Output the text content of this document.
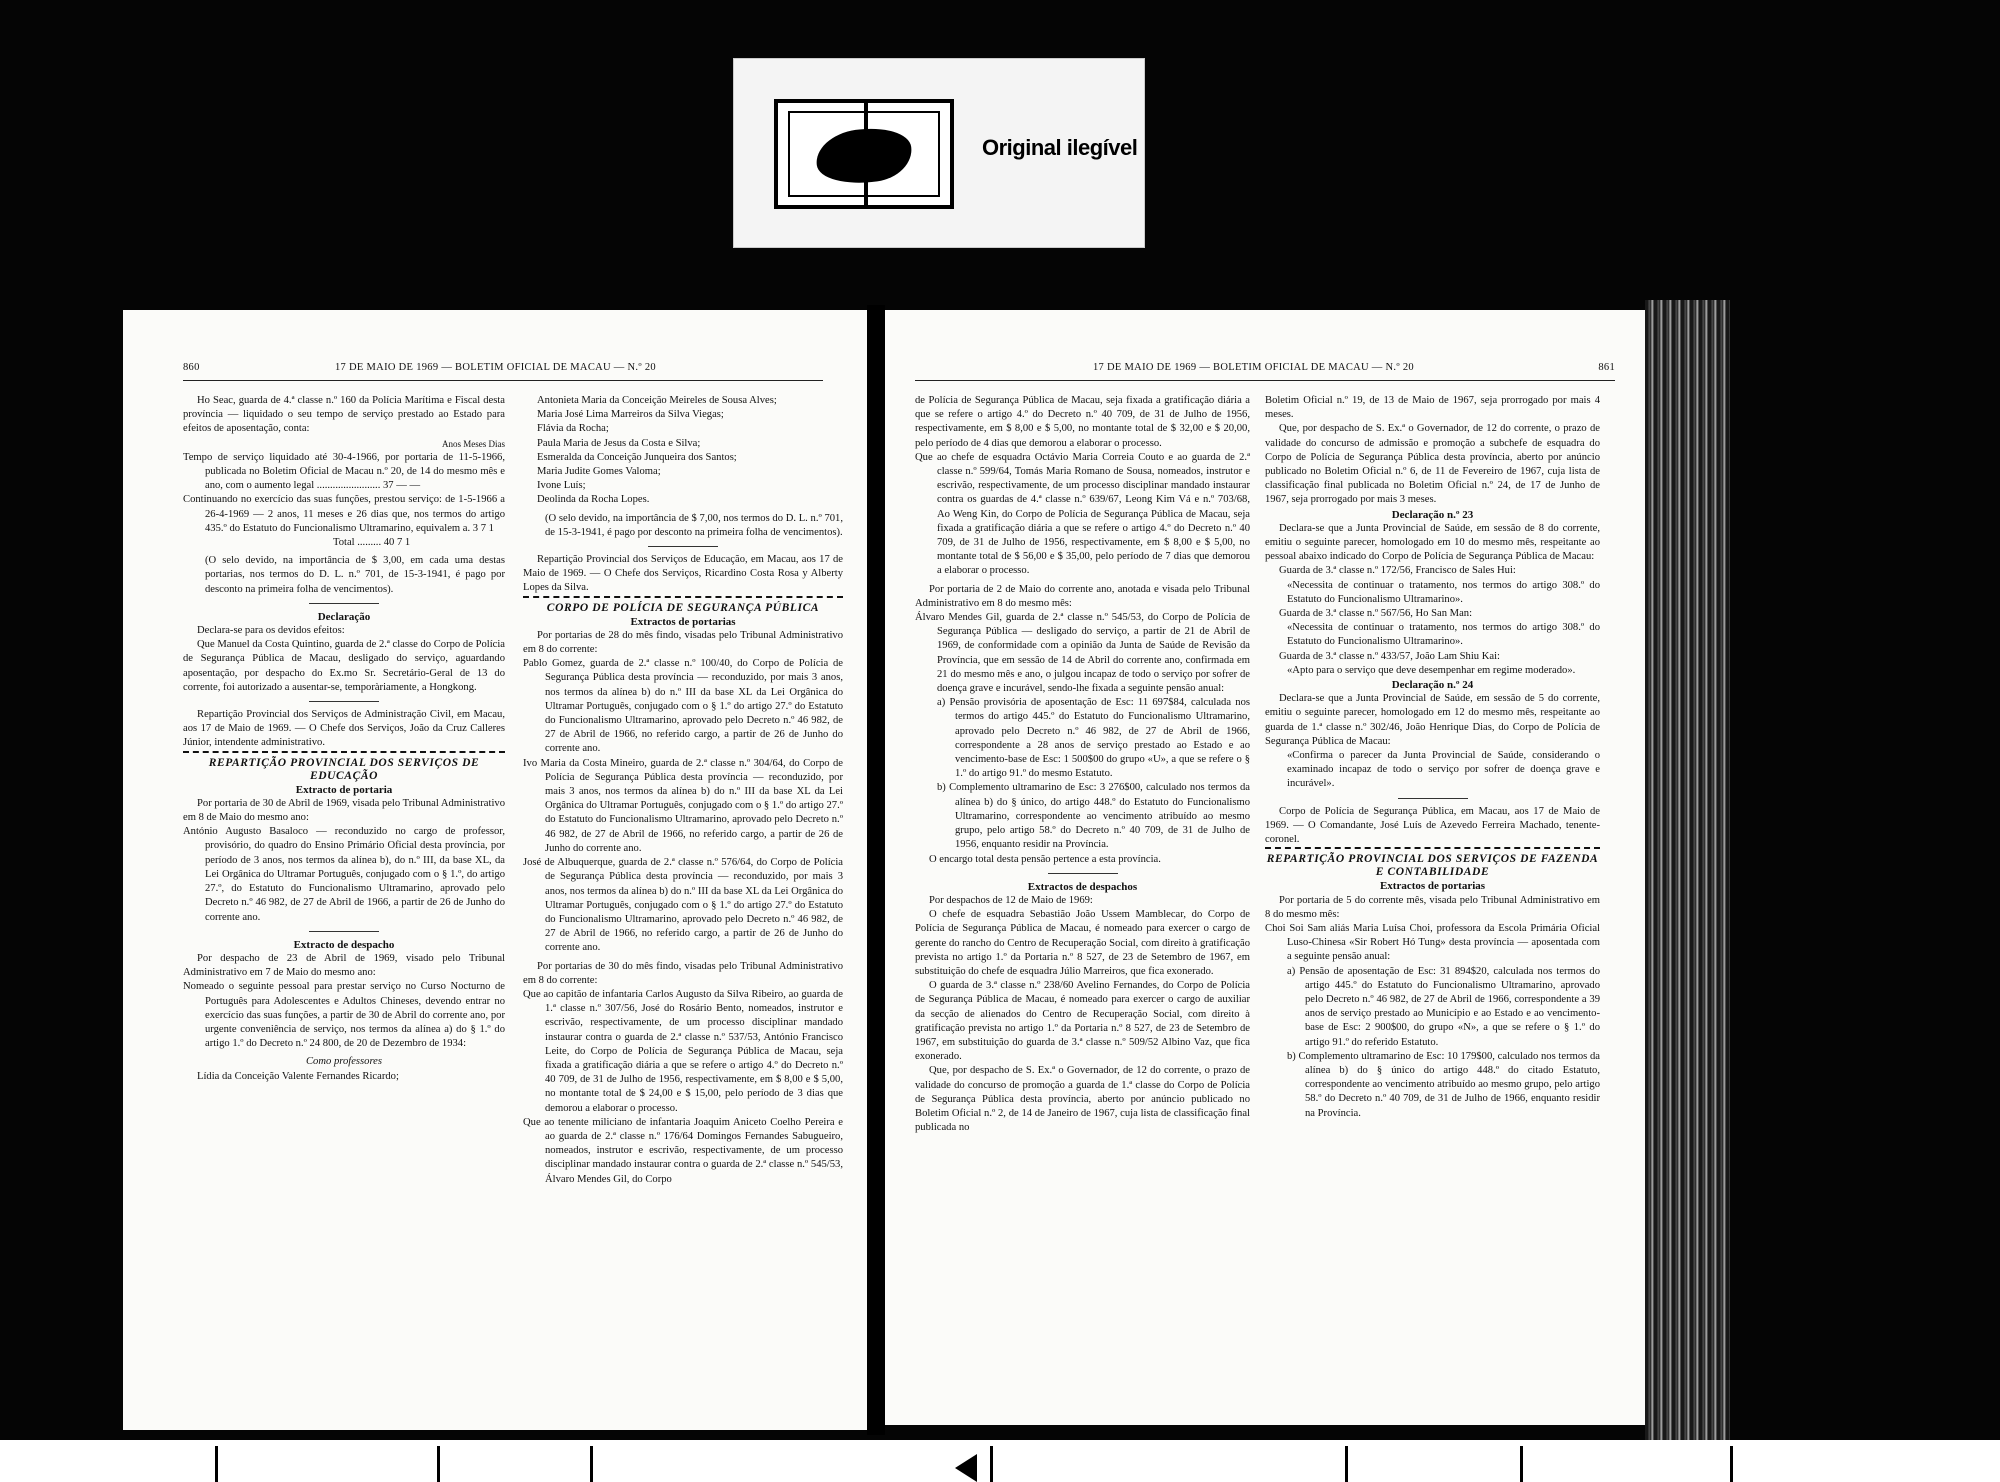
Original ilegível
860	17 DE MAIO DE 1969 — BOLETIM OFICIAL DE MACAU — N.º 20

Ho Seac, guarda de 4.ª classe n.º 160 da Polícia Marítima e Fiscal desta província — liquidado o seu tempo de serviço prestado ao Estado para efeitos de aposentação, conta:

Anos Meses Dias

Tempo de serviço liquidado até 30-4-1966, por portaria de 11-5-1966, publicada no Boletim Oficial de Macau n.º 20, de 14 do mesmo mês e ano, com o aumento legal ........................ 37 — —

Continuando no exercício das suas funções, prestou serviço: de 1-5-1966 a 26-4-1969 — 2 anos, 11 meses e 26 dias que, nos termos do artigo 435.º do Estatuto do Funcionalismo Ultramarino, equivalem a. 3 7 1

Total ......... 40 7 1

(O selo devido, na importância de $ 3,00, em cada uma destas portarias, nos termos do D. L. n.º 701, de 15-3-1941, é pago por desconto na primeira folha de vencimentos).

Declaração

Declara-se para os devidos efeitos:

Que Manuel da Costa Quintino, guarda de 2.ª classe do Corpo de Polícia de Segurança Pública de Macau, desligado do serviço, aguardando aposentação, por despacho do Ex.mo Sr. Secretário-Geral de 13 do corrente, foi autorizado a ausentar-se, temporàriamente, a Hongkong.

Repartição Provincial dos Serviços de Administração Civil, em Macau, aos 17 de Maio de 1969. — O Chefe dos Serviços, João da Cruz Calleres Júnior, intendente administrativo.

REPARTIÇÃO PROVINCIAL DOS SERVIÇOS DE EDUCAÇÃO

Extracto de portaria

Por portaria de 30 de Abril de 1969, visada pelo Tribunal Administrativo em 8 de Maio do mesmo ano:

António Augusto Basaloco — reconduzido no cargo de professor, provisório, do quadro do Ensino Primário Oficial desta província, por período de 3 anos, nos termos da alínea b), do n.º III, da base XL, da Lei Orgânica do Ultramar Português, conjugado com o § 1.º, do artigo 27.º, do Estatuto do Funcionalismo Ultramarino, aprovado pelo Decreto n.º 46 982, de 27 de Abril de 1966, a partir de 26 de Junho do corrente ano.

Extracto de despacho

Por despacho de 23 de Abril de 1969, visado pelo Tribunal Administrativo em 7 de Maio do mesmo ano:

Nomeado o seguinte pessoal para prestar serviço no Curso Nocturno de Português para Adolescentes e Adultos Chineses, devendo entrar no exercício das suas funções, a partir de 30 de Abril do corrente ano, por urgente conveniência de serviço, nos termos da alínea a) do § 1.º do artigo 1.º do Decreto n.º 24 800, de 20 de Dezembro de 1934:

Como professores

Lídia da Conceição Valente Fernandes Ricardo;

Antonieta Maria da Conceição Meireles de Sousa Alves;

Maria José Lima Marreiros da Silva Viegas;

Flávia da Rocha;

Paula Maria de Jesus da Costa e Silva;

Esmeralda da Conceição Junqueira dos Santos;

Maria Judite Gomes Valoma;

Ivone Luís;

Deolinda da Rocha Lopes.

(O selo devido, na importância de $ 7,00, nos termos do D. L. n.º 701, de 15-3-1941, é pago por desconto na primeira folha de vencimentos).

Repartição Provincial dos Serviços de Educação, em Macau, aos 17 de Maio de 1969. — O Chefe dos Serviços, Ricardino Costa Rosa y Alberty Lopes da Silva.

CORPO DE POLÍCIA DE SEGURANÇA PÚBLICA

Extractos de portarias

Por portarias de 28 do mês findo, visadas pelo Tribunal Administrativo em 8 do corrente:

Pablo Gomez, guarda de 2.ª classe n.º 100/40, do Corpo de Polícia de Segurança Pública desta província — reconduzido, por mais 3 anos, nos termos da alínea b) do n.º III da base XL da Lei Orgânica do Ultramar Português, conjugado com o § 1.º do artigo 27.º do Estatuto do Funcionalismo Ultramarino, aprovado pelo Decreto n.º 46 982, de 27 de Abril de 1966, no referido cargo, a partir de 26 de Junho do corrente ano.

Ivo Maria da Costa Mineiro, guarda de 2.ª classe n.º 304/64, do Corpo de Polícia de Segurança Pública desta província — reconduzido, por mais 3 anos, nos termos da alínea b) do n.º III da base XL da Lei Orgânica do Ultramar Português, conjugado com o § 1.º do artigo 27.º do Estatuto do Funcionalismo Ultramarino, aprovado pelo Decreto n.º 46 982, de 27 de Abril de 1966, no referido cargo, a partir de 26 de Junho do corrente ano.

José de Albuquerque, guarda de 2.ª classe n.º 576/64, do Corpo de Polícia de Segurança Pública desta província — reconduzido, por mais 3 anos, nos termos da alínea b) do n.º III da base XL da Lei Orgânica do Ultramar Português, conjugado com o § 1.º do artigo 27.º do Estatuto do Funcionalismo Ultramarino, aprovado pelo Decreto n.º 46 982, de 27 de Abril de 1966, no referido cargo, a partir de 26 de Junho do corrente ano.

Por portarias de 30 do mês findo, visadas pelo Tribunal Administrativo em 8 do corrente:

Que ao capitão de infantaria Carlos Augusto da Silva Ribeiro, ao guarda de 1.ª classe n.º 307/56, José do Rosário Bento, nomeados, instrutor e escrivão, respectivamente, de um processo disciplinar mandado instaurar contra o guarda de 2.ª classe n.º 537/53, António Francisco Leite, do Corpo de Polícia de Segurança Pública de Macau, seja fixada a gratificação diária a que se refere o artigo 4.º do Decreto n.º 40 709, de 31 de Julho de 1956, respectivamente, em $ 8,00 e $ 5,00, no montante total de $ 24,00 e $ 15,00, pelo período de 3 dias que demorou a elaborar o processo.

Que ao tenente miliciano de infantaria Joaquim Aniceto Coelho Pereira e ao guarda de 2.ª classe n.º 176/64 Domingos Fernandes Sabugueiro, nomeados, instrutor e escrivão, respectivamente, de um processo disciplinar mandado instaurar contra o guarda de 2.ª classe n.º 545/53, Álvaro Mendes Gil, do Corpo

17 DE MAIO DE 1969 — BOLETIM OFICIAL DE MACAU — N.º 20	861

de Polícia de Segurança Pública de Macau, seja fixada a gratificação diária a que se refere o artigo 4.º do Decreto n.º 40 709, de 31 de Julho de 1956, respectivamente, em $ 8,00 e $ 5,00, no montante total de $ 32,00 e $ 20,00, pelo período de 4 dias que demorou a elaborar o processo.

Que ao chefe de esquadra Octávio Maria Correia Couto e ao guarda de 2.ª classe n.º 599/64, Tomás Maria Romano de Sousa, nomeados, instrutor e escrivão, respectivamente, de um processo disciplinar mandado instaurar contra os guardas de 4.ª classe n.º 639/67, Leong Kim Vá e n.º 703/68, Ao Weng Kin, do Corpo de Polícia de Segurança Pública de Macau, seja fixada a gratificação diária a que se refere o artigo 4.º do Decreto n.º 40 709, de 31 de Julho de 1956, respectivamente, em $ 8,00 e $ 5,00, no montante total de $ 56,00 e $ 35,00, pelo período de 7 dias que demorou a elaborar o processo.

Por portaria de 2 de Maio do corrente ano, anotada e visada pelo Tribunal Administrativo em 8 do mesmo mês:

Álvaro Mendes Gil, guarda de 2.ª classe n.º 545/53, do Corpo de Polícia de Segurança Pública — desligado do serviço, a partir de 21 de Abril de 1969, de conformidade com a opinião da Junta de Saúde de Revisão da Província, que em sessão de 14 de Abril do corrente ano, confirmada em 21 do mesmo mês e ano, o julgou incapaz de todo o serviço por sofrer de doença grave e incurável, sendo-lhe fixada a seguinte pensão anual:

a) Pensão provisória de aposentação de Esc: 11 697$84, calculada nos termos do artigo 445.º do Estatuto do Funcionalismo Ultramarino, aprovado pelo Decreto n.º 46 982, de 27 de Abril de 1966, correspondente a 28 anos de serviço prestado ao Estado e ao vencimento-base de Esc: 1 500$00 do grupo «U», a que se refere o § 1.º do artigo 91.º do mesmo Estatuto.

b) Complemento ultramarino de Esc: 3 276$00, calculado nos termos da alínea b) do § único, do artigo 448.º do Estatuto do Funcionalismo Ultramarino, correspondente ao vencimento atribuído ao mesmo grupo, pelo artigo 58.º do Decreto n.º 40 709, de 31 de Julho de 1956, enquanto residir na Província.

O encargo total desta pensão pertence a esta província.

Extractos de despachos

Por despachos de 12 de Maio de 1969:

O chefe de esquadra Sebastião João Ussem Mamblecar, do Corpo de Polícia de Segurança Pública de Macau, é nomeado para exercer o cargo de gerente do rancho do Centro de Recuperação Social, com direito à gratificação prevista no artigo 1.º da Portaria n.º 8 527, de 23 de Setembro de 1967, em substituição do chefe de esquadra Júlio Marreiros, que fica exonerado.

O guarda de 3.ª classe n.º 238/60 Avelino Fernandes, do Corpo de Polícia de Segurança Pública de Macau, é nomeado para exercer o cargo de auxiliar da secção de alienados do Centro de Recuperação Social, com direito à gratificação prevista no artigo 1.º da Portaria n.º 8 527, de 23 de Setembro de 1967, em substituição do guarda de 3.ª classe n.º 509/52 Albino Vaz, que fica exonerado.

Que, por despacho de S. Ex.ª o Governador, de 12 do corrente, o prazo de validade do concurso de promoção a guarda de 1.ª classe do Corpo de Polícia de Segurança Pública desta província, aberto por anúncio publicado no Boletim Oficial n.º 2, de 14 de Janeiro de 1967, cuja lista de classificação final publicada no

Boletim Oficial n.º 19, de 13 de Maio de 1967, seja prorrogado por mais 4 meses.

Que, por despacho de S. Ex.ª o Governador, de 12 do corrente, o prazo de validade do concurso de admissão e promoção a subchefe de esquadra do Corpo de Polícia de Segurança Pública desta província, aberto por anúncio publicado no Boletim Oficial n.º 6, de 11 de Fevereiro de 1967, cuja lista de classificação final publicada no Boletim Oficial n.º 24, de 17 de Junho de 1967, seja prorrogado por mais 3 meses.

Declaração n.º 23

Declara-se que a Junta Provincial de Saúde, em sessão de 8 do corrente, emitiu o seguinte parecer, homologado em 10 do mesmo mês, respeitante ao pessoal abaixo indicado do Corpo de Polícia de Segurança Pública de Macau:

Guarda de 3.ª classe n.º 172/56, Francisco de Sales Hui:

«Necessita de continuar o tratamento, nos termos do artigo 308.º do Estatuto do Funcionalismo Ultramarino».

Guarda de 3.ª classe n.º 567/56, Ho San Man:

«Necessita de continuar o tratamento, nos termos do artigo 308.º do Estatuto do Funcionalismo Ultramarino».

Guarda de 3.ª classe n.º 433/57, João Lam Shiu Kai:

«Apto para o serviço que deve desempenhar em regime moderado».

Declaração n.º 24

Declara-se que a Junta Provincial de Saúde, em sessão de 5 do corrente, emitiu o seguinte parecer, homologado em 12 do mesmo mês, respeitante ao guarda de 1.ª classe n.º 302/46, João Henrique Dias, do Corpo de Polícia de Segurança Pública de Macau:

«Confirma o parecer da Junta Provincial de Saúde, considerando o examinado incapaz de todo o serviço por sofrer de doença grave e incurável».

Corpo de Polícia de Segurança Pública, em Macau, aos 17 de Maio de 1969. — O Comandante, José Luís de Azevedo Ferreira Machado, tenente-coronel.

REPARTIÇÃO PROVINCIAL DOS SERVIÇOS DE FAZENDA E CONTABILIDADE

Extractos de portarias

Por portaria de 5 do corrente mês, visada pelo Tribunal Administrativo em 8 do mesmo mês:

Choi Soi Sam aliás Maria Luísa Choi, professora da Escola Primária Oficial Luso-Chinesa «Sir Robert Hó Tung» desta província — aposentada com a seguinte pensão anual:

a) Pensão de aposentação de Esc: 31 894$20, calculada nos termos do artigo 445.º do Estatuto do Funcionalismo Ultramarino, aprovado pelo Decreto n.º 46 982, de 27 de Abril de 1966, correspondente a 39 anos de serviço prestado ao Município e ao Estado e ao vencimento-base de Esc: 2 900$00, do grupo «N», a que se refere o § 1.º do artigo 91.º do referido Estatuto.

b) Complemento ultramarino de Esc: 10 179$00, calculado nos termos da alínea b) do § único do artigo 448.º do citado Estatuto, correspondente ao vencimento atribuído ao mesmo grupo, pelo artigo 58.º do Decreto n.º 40 709, de 31 de Julho de 1966, enquanto residir na Província.
